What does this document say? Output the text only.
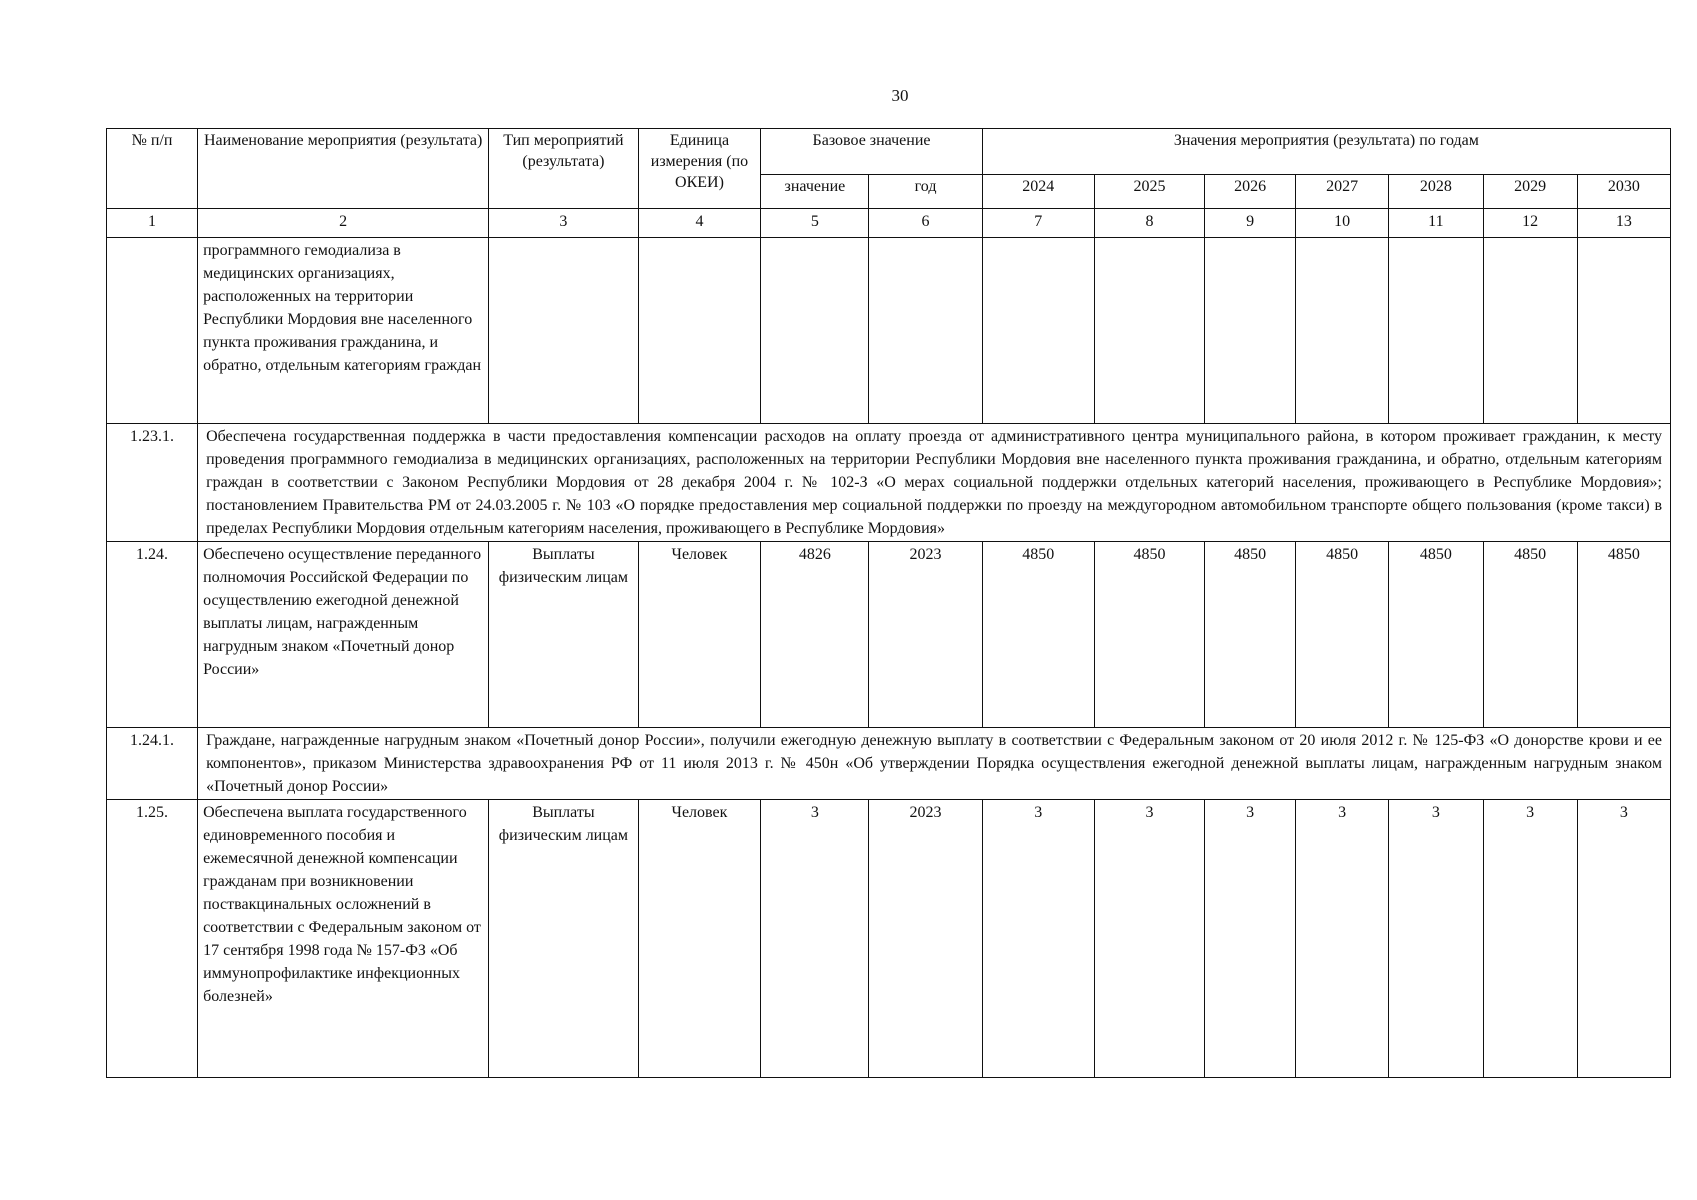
30
№ п/п	Наименование мероприятия (результата)	Тип мероприятий (результата)	Единица измерения (по ОКЕИ)	Базовое значение		Значения мероприятия (результата) по годам						
				значение	год	2024	2025	2026	2027	2028	2029	2030
1	2	3	4	5	6	7	8	9	10	11	12	13
	программного гемодиализа в медицинских организациях, расположенных на территории Республики Мордовия вне населенного пункта проживания гражданина, и обратно, отдельным категориям граждан											
1.23.1.	Обеспечена государственная поддержка в части предоставления компенсации расходов на оплату проезда от административного центра муниципального района, в котором проживает гражданин, к месту проведения программного гемодиализа в медицинских организациях, расположенных на территории Республики Мордовия вне населенного пункта проживания гражданина, и обратно, отдельным категориям граждан в соответствии с Законом Республики Мордовия от 28 декабря 2004 г. № 102-З «О мерах социальной поддержки отдельных категорий населения, проживающего в Республике Мордовия»; постановлением Правительства РМ от 24.03.2005 г. № 103 «О порядке предоставления мер социальной поддержки по проезду на междугородном автомобильном транспорте общего пользования (кроме такси) в пределах Республики Мордовия отдельным категориям населения, проживающего в Республике Мордовия»											
1.24.	Обеспечено осуществление переданного полномочия Российской Федерации по осуществлению ежегодной денежной выплаты лицам, награжденным нагрудным знаком «Почетный донор России»	Выплаты физическим лицам	Человек	4826	2023	4850	4850	4850	4850	4850	4850	4850
1.24.1.	Граждане, награжденные нагрудным знаком «Почетный донор России», получили ежегодную денежную выплату в соответствии с Федеральным законом от 20 июля 2012 г. № 125-ФЗ «О донорстве крови и ее компонентов», приказом Министерства здравоохранения РФ от 11 июля 2013 г. № 450н «Об утверждении Порядка осуществления ежегодной денежной выплаты лицам, награжденным нагрудным знаком «Почетный донор России»											
1.25.	Обеспечена выплата государственного единовременного пособия и ежемесячной денежной компенсации гражданам при возникновении поствакцинальных осложнений в соответствии с Федеральным законом от 17 сентября 1998 года № 157-ФЗ «Об иммунопрофилактике инфекционных болезней»	Выплаты физическим лицам	Человек	3	2023	3	3	3	3	3	3	3
